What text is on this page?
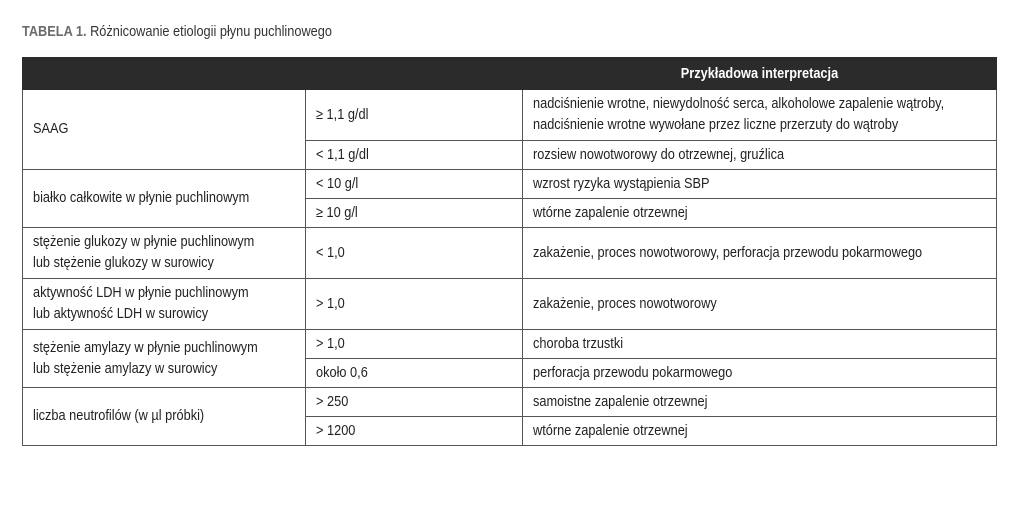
TABELA 1. Różnicowanie etiologii płynu puchlinowego
		Przykładowa interpretacja
SAAG	≥ 1,1 g/dl	nadciśnienie wrotne, niewydolność serca, alkoholowe zapalenie wątroby,
nadciśnienie wrotne wywołane przez liczne przerzuty do wątroby
	< 1,1 g/dl	rozsiew nowotworowy do otrzewnej, gruźlica
białko całkowite w płynie puchlinowym	< 10 g/l	wzrost ryzyka wystąpienia SBP
	≥ 10 g/l	wtórne zapalenie otrzewnej
stężenie glukozy w płynie puchlinowym
lub stężenie glukozy w surowicy	< 1,0	zakażenie, proces nowotworowy, perforacja przewodu pokarmowego
aktywność LDH w płynie puchlinowym
lub aktywność LDH w surowicy	> 1,0	zakażenie, proces nowotworowy
stężenie amylazy w płynie puchlinowym
lub stężenie amylazy w surowicy	> 1,0	choroba trzustki
	około 0,6	perforacja przewodu pokarmowego
liczba neutrofilów (w µl próbki)	> 250	samoistne zapalenie otrzewnej
	> 1200	wtórne zapalenie otrzewnej
